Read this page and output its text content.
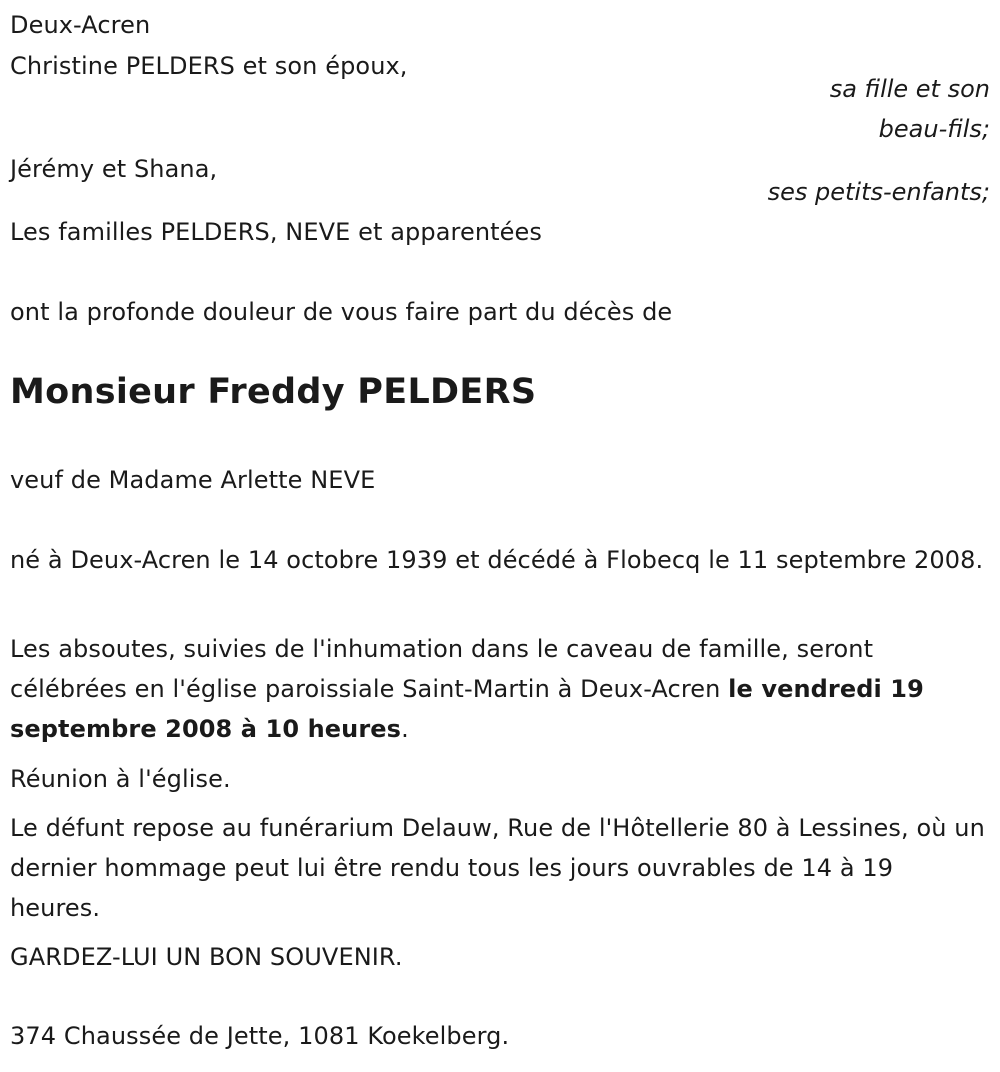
Deux-Acren
Christine PELDERS et son époux,
sa fille et son
beau-fils;
Jérémy et Shana,
ses petits-enfants;
Les familles PELDERS, NEVE et apparentées
ont la profonde douleur de vous faire part du décès de
Monsieur Freddy PELDERS
veuf de Madame Arlette NEVE
né à Deux-Acren le 14 octobre 1939 et décédé à Flobecq le 11 septembre 2008.
Les absoutes, suivies de l'inhumation dans le caveau de famille, seront célébrées en l'église paroissiale Saint-Martin à Deux-Acren le vendredi 19 septembre 2008 à 10 heures.
Réunion à l'église.
Le défunt repose au funérarium Delauw, Rue de l'Hôtellerie 80 à Lessines, où un dernier hommage peut lui être rendu tous les jours ouvrables de 14 à 19 heures.
GARDEZ-LUI UN BON SOUVENIR.
374 Chaussée de Jette, 1081 Koekelberg.
